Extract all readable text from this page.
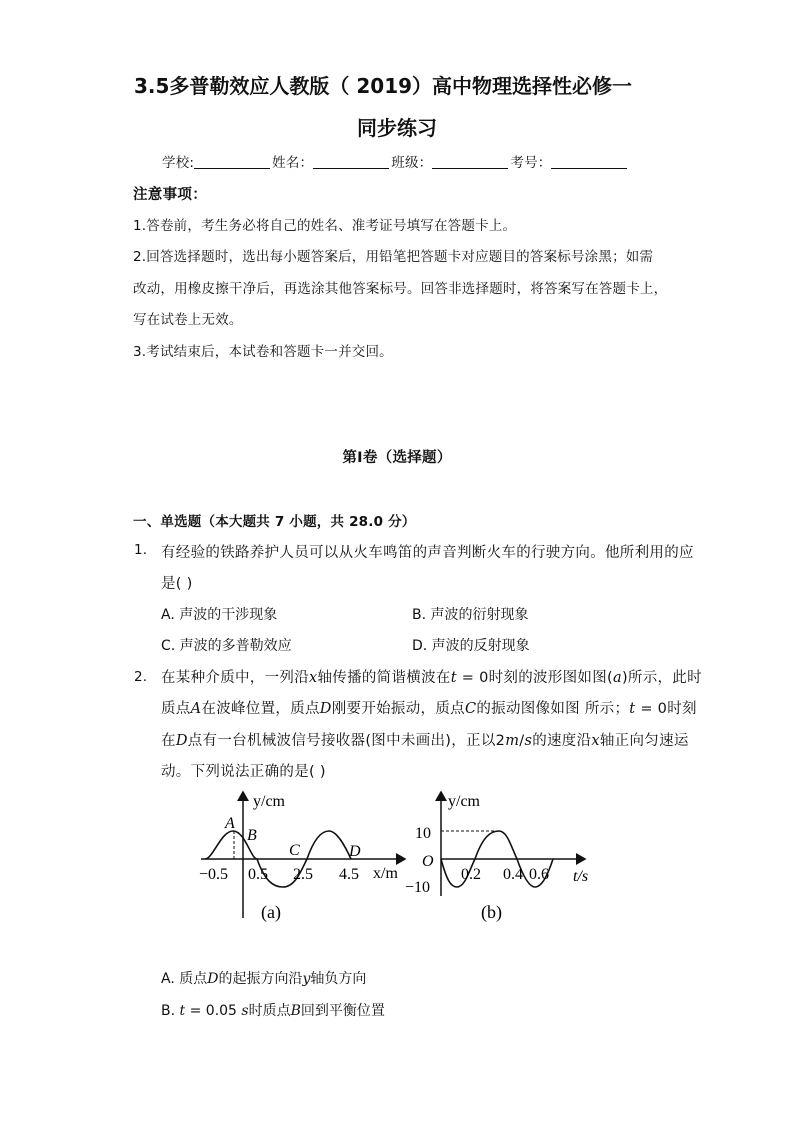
3.5多普勒效应人教版（ 2019）高中物理选择性必修一
同步练习
学校:	姓名：	班级：	考号：
注意事项：
1.答卷前，考生务必将自己的姓名、准考证号填写在答题卡上。
2.回答选择题时，选出每小题答案后，用铅笔把答题卡对应题目的答案标号涂黑；如需
改动，用橡皮擦干净后，再选涂其他答案标号。回答非选择题时，将答案写在答题卡上，
写在试卷上无效。
3.考试结束后，本试卷和答题卡一并交回。
第I卷（选择题）
一、单选题（本大题共 7 小题，共 28.0 分）
1. 有经验的铁路养护人员可以从火车鸣笛的声音判断火车的行驶方向。他所利用的应
是( )
A. 声波的干涉现象	B. 声波的衍射现象
C. 声波的多普勒效应	D. 声波的反射现象
2. 在某种介质中，一列沿x轴传播的简谐横波在t = 0时刻的波形图如图(a)所示，此时
质点A在波峰位置，质点D刚要开始振动，质点C的振动图像如图 所示；t = 0时刻
在D点有一台机械波信号接收器(图中未画出)，正以2m/s的速度沿x轴正向匀速运
动。下列说法正确的是( )
A
B
C	D
y/cm
x/m
−0.5 0.5 2.5 4.5
(a)
y/cm
10
O
−10
0.2 0.4 0.6 t/s
(b)
A. 质点D的起振方向沿y轴负方向
B. t = 0.05 s时质点B回到平衡位置
